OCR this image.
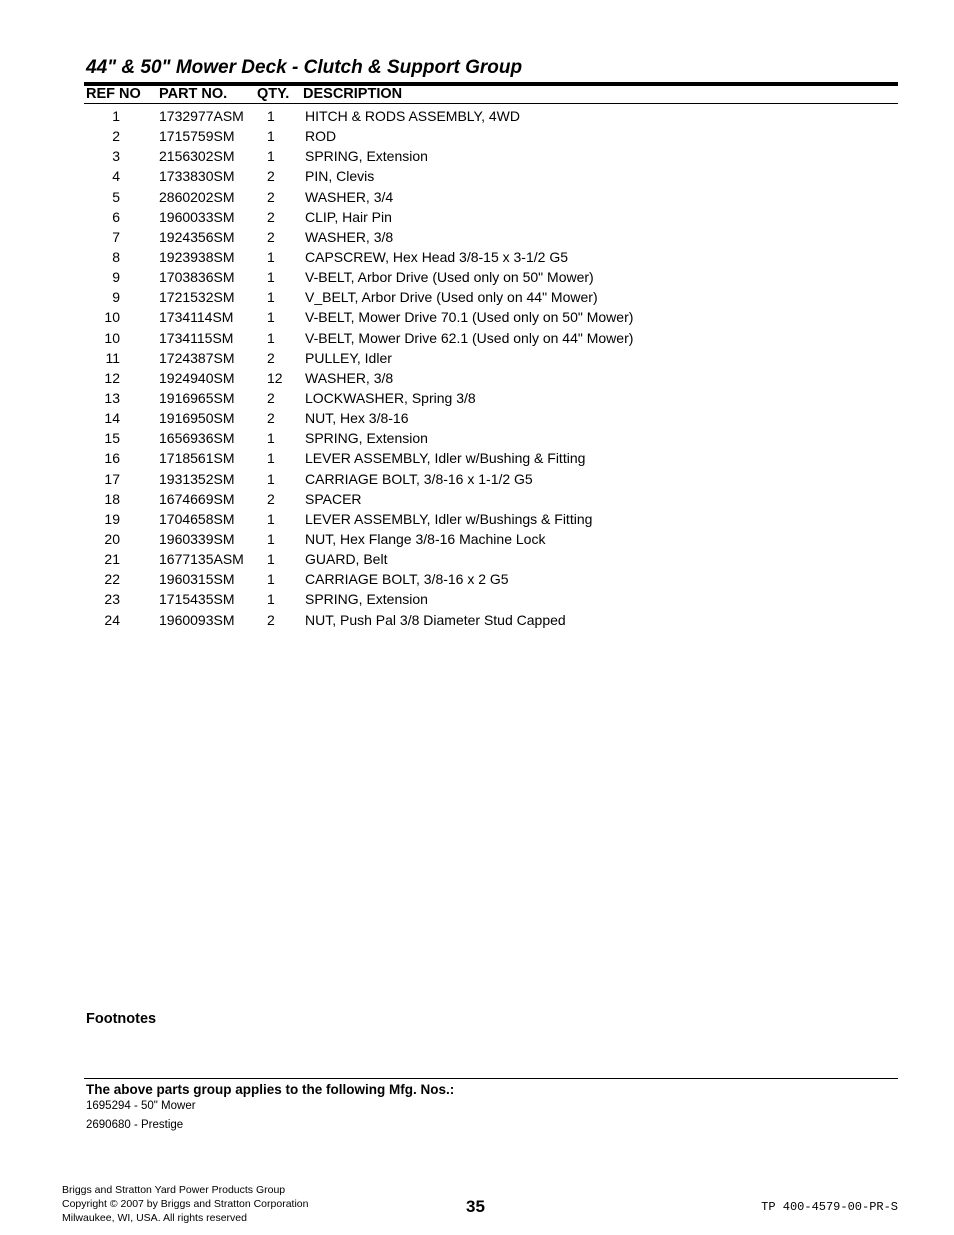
44" & 50" Mower Deck - Clutch & Support Group
REF NO PART NO. QTY. DESCRIPTION
1	1732977ASM 1 HITCH & RODS ASSEMBLY, 4WD
2	1715759SM 1 ROD
3	2156302SM 1 SPRING, Extension
4	1733830SM 2 PIN, Clevis
5	2860202SM 2 WASHER, 3/4
6	1960033SM 2 CLIP, Hair Pin
7	1924356SM 2 WASHER, 3/8
8	1923938SM 1 CAPSCREW, Hex Head 3/8-15 x 3-1/2 G5
9	1703836SM 1 V-BELT, Arbor Drive (Used only on 50" Mower)
9	1721532SM 1 V_BELT, Arbor Drive (Used only on 44" Mower)
10	1734114SM 1 V-BELT, Mower Drive 70.1 (Used only on 50" Mower)
10	1734115SM 1 V-BELT, Mower Drive 62.1 (Used only on 44" Mower)
11	1724387SM 2 PULLEY, Idler
12	1924940SM 12 WASHER, 3/8
13	1916965SM 2 LOCKWASHER, Spring 3/8
14	1916950SM 2 NUT, Hex 3/8-16
15	1656936SM 1 SPRING, Extension
16	1718561SM 1 LEVER ASSEMBLY, Idler w/Bushing & Fitting
17	1931352SM 1 CARRIAGE BOLT, 3/8-16 x 1-1/2 G5
18	1674669SM 2 SPACER
19	1704658SM 1 LEVER ASSEMBLY, Idler w/Bushings & Fitting
20	1960339SM 1 NUT, Hex Flange 3/8-16 Machine Lock
21	1677135ASM 1 GUARD, Belt
22	1960315SM 1 CARRIAGE BOLT, 3/8-16 x 2 G5
23	1715435SM 1 SPRING, Extension
24	1960093SM 2 NUT, Push Pal 3/8 Diameter Stud Capped
Footnotes
The above parts group applies to the following Mfg. Nos.:
1695294 - 50" Mower
2690680 - Prestige
Briggs and Stratton Yard Power Products Group
Copyright © 2007 by Briggs and Stratton Corporation
Milwaukee, WI, USA. All rights reserved
35	TP 400-4579-00-PR-S
